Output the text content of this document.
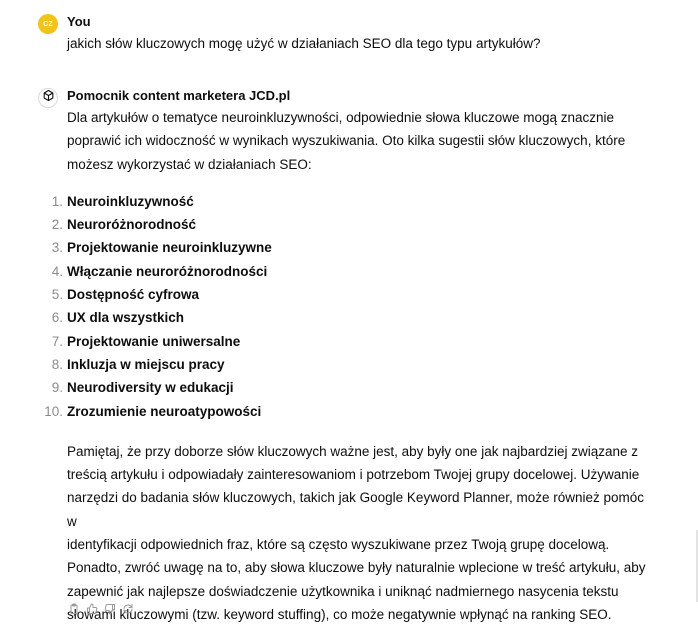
CZ You

jakich słów kluczowych mogę użyć w działaniach SEO dla tego typu artykułów?

Pomocnik content marketera JCD.pl

Dla artykułów o tematyce neuroinkluzywności, odpowiednie słowa kluczowe mogą znacznie

poprawić ich widoczność w wynikach wyszukiwania. Oto kilka sugestii słów kluczowych, które

możesz wykorzystać w działaniach SEO:

1. Neuroinkluzywność
2. Neuroróżnorodność
3. Projektowanie neuroinkluzywne
4. Włączanie neuroróżnorodności
5. Dostępność cyfrowa
6. UX dla wszystkich
7. Projektowanie uniwersalne
8. Inkluzja w miejscu pracy
9. Neurodiversity w edukacji
10. Zrozumienie neuroatypowości

Pamiętaj, że przy doborze słów kluczowych ważne jest, aby były one jak najbardziej związane z

treścią artykułu i odpowiadały zainteresowaniom i potrzebom Twojej grupy docelowej. Używanie

narzędzi do badania słów kluczowych, takich jak Google Keyword Planner, może również pomóc w

identyfikacji odpowiednich fraz, które są często wyszukiwane przez Twoją grupę docelową.

Ponadto, zwróć uwagę na to, aby słowa kluczowe były naturalnie wplecione w treść artykułu, aby

zapewnić jak najlepsze doświadczenie użytkownika i uniknąć nadmiernego nasycenia tekstu

słowami kluczowymi (tzw. keyword stuffing), co może negatywnie wpłynąć na ranking SEO.
